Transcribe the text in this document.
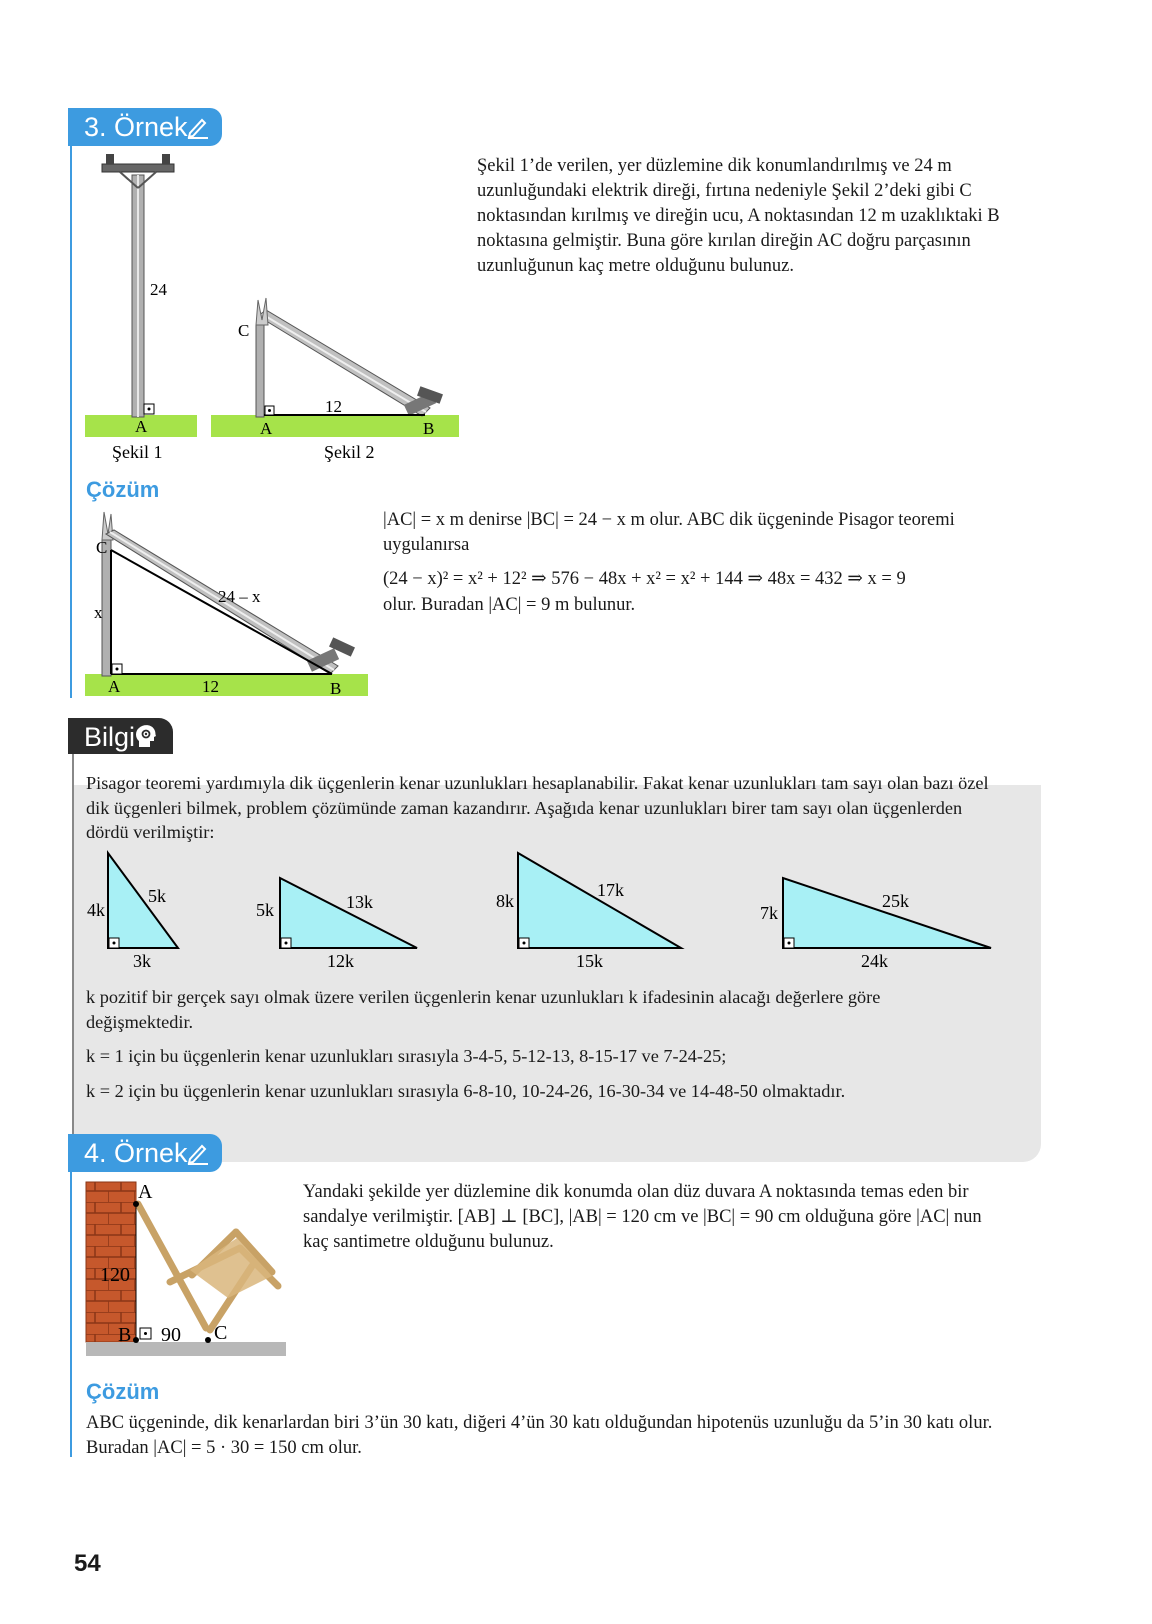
3. Örnek
Şekil 1’de verilen, yer düzlemine dik konumlandırılmış ve 24 m uzunluğundaki elektrik direği, fırtına nedeniyle Şekil 2’deki gibi C noktasından kırılmış ve direğin ucu, A noktasından 12 m uzaklıktaki B noktasına gelmiştir. Buna göre kırılan direğin AC doğru parçasının uzunluğunun kaç metre olduğunu bulunuz.
24
A
C
12
A	B
Şekil 1	Şekil 2
Çözüm
C
x
24 – x
A	12	B
|AC| = x m denirse |BC| = 24 − x m olur. ABC dik üçgeninde Pisagor teoremi uygulanırsa
(24 − x)² = x² + 12² ⇒ 576 − 48x + x² = x² + 144 ⇒ 48x = 432 ⇒ x = 9
olur. Buradan |AC| = 9 m bulunur.
Bilgi
Pisagor teoremi yardımıyla dik üçgenlerin kenar uzunlukları hesaplanabilir. Fakat kenar uzunlukları tam sayı olan bazı özel dik üçgenleri bilmek, problem çözümünde zaman kazandırır. Aşağıda kenar uzunlukları birer tam sayı olan üçgenlerden dördü verilmiştir:
4k
5k
3k
5k	13k
12k
8k
17k
15k
7k
25k
24k
k pozitif bir gerçek sayı olmak üzere verilen üçgenlerin kenar uzunlukları k ifadesinin alacağı değerlere göre değişmektedir.
k = 1 için bu üçgenlerin kenar uzunlukları sırasıyla 3-4-5, 5-12-13, 8-15-17 ve 7-24-25;
k = 2 için bu üçgenlerin kenar uzunlukları sırasıyla 6-8-10, 10-24-26, 16-30-34 ve 14-48-50 olmaktadır.
4. Örnek
A
120
B 90 C
Yandaki şekilde yer düzlemine dik konumda olan düz duvara A noktasında temas eden bir sandalye verilmiştir. [AB] ⊥ [BC], |AB| = 120 cm ve |BC| = 90 cm olduğuna göre |AC| nun kaç santimetre olduğunu bulunuz.
Çözüm
ABC üçgeninde, dik kenarlardan biri 3’ün 30 katı, diğeri 4’ün 30 katı olduğundan hipotenüs uzunluğu da 5’in 30 katı olur. Buradan |AC| = 5 · 30 = 150 cm olur.
54
